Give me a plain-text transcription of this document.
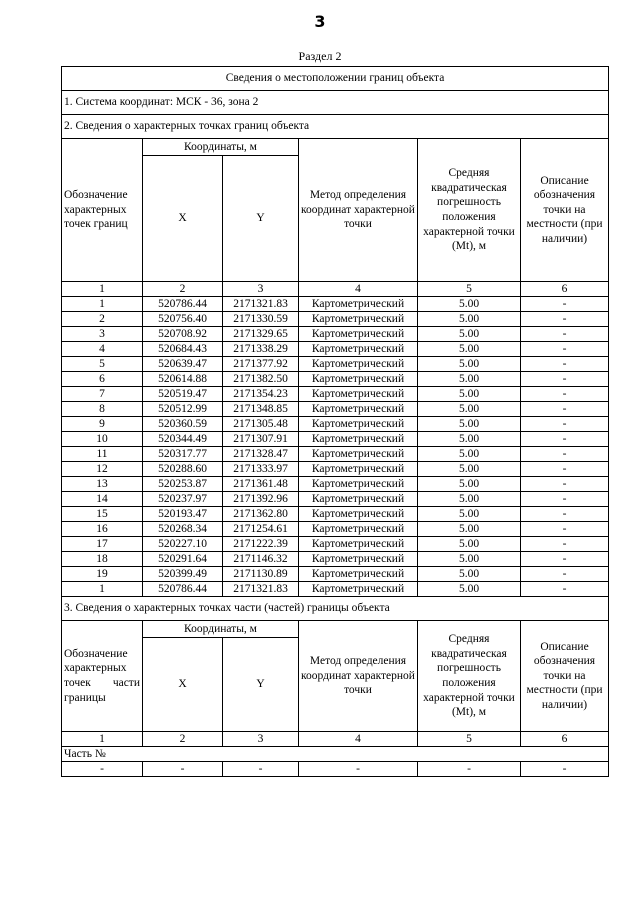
3
Раздел 2
Сведения о местоположении границ объекта					
1. Система координат: МСК - 36, зона 2					
2. Сведения о характерных точках границ объекта					
Обозначение характерных точек границ	Координаты, м		Метод определения координат характерной точки	Средняя квадратическая погрешность положения характерной точки (Mt), м	Описание обозначения точки на местности (при наличии)
	X	Y			
1	2	3	4	5	6
1	520786.44	2171321.83	Картометрический	5.00	-
2	520756.40	2171330.59	Картометрический	5.00	-
3	520708.92	2171329.65	Картометрический	5.00	-
4	520684.43	2171338.29	Картометрический	5.00	-
5	520639.47	2171377.92	Картометрический	5.00	-
6	520614.88	2171382.50	Картометрический	5.00	-
7	520519.47	2171354.23	Картометрический	5.00	-
8	520512.99	2171348.85	Картометрический	5.00	-
9	520360.59	2171305.48	Картометрический	5.00	-
10	520344.49	2171307.91	Картометрический	5.00	-
11	520317.77	2171328.47	Картометрический	5.00	-
12	520288.60	2171333.97	Картометрический	5.00	-
13	520253.87	2171361.48	Картометрический	5.00	-
14	520237.97	2171392.96	Картометрический	5.00	-
15	520193.47	2171362.80	Картометрический	5.00	-
16	520268.34	2171254.61	Картометрический	5.00	-
17	520227.10	2171222.39	Картометрический	5.00	-
18	520291.64	2171146.32	Картометрический	5.00	-
19	520399.49	2171130.89	Картометрический	5.00	-
1	520786.44	2171321.83	Картометрический	5.00	-
3. Сведения о характерных точках части (частей) границы объекта					
Обозначение характерных точек части границы	Координаты, м		Метод определения координат характерной точки	Средняя квадратическая погрешность положения характерной точки (Mt), м	Описание обозначения точки на местности (при наличии)
	X	Y			
1	2	3	4	5	6
Часть №					
-	-	-	-	-	-
